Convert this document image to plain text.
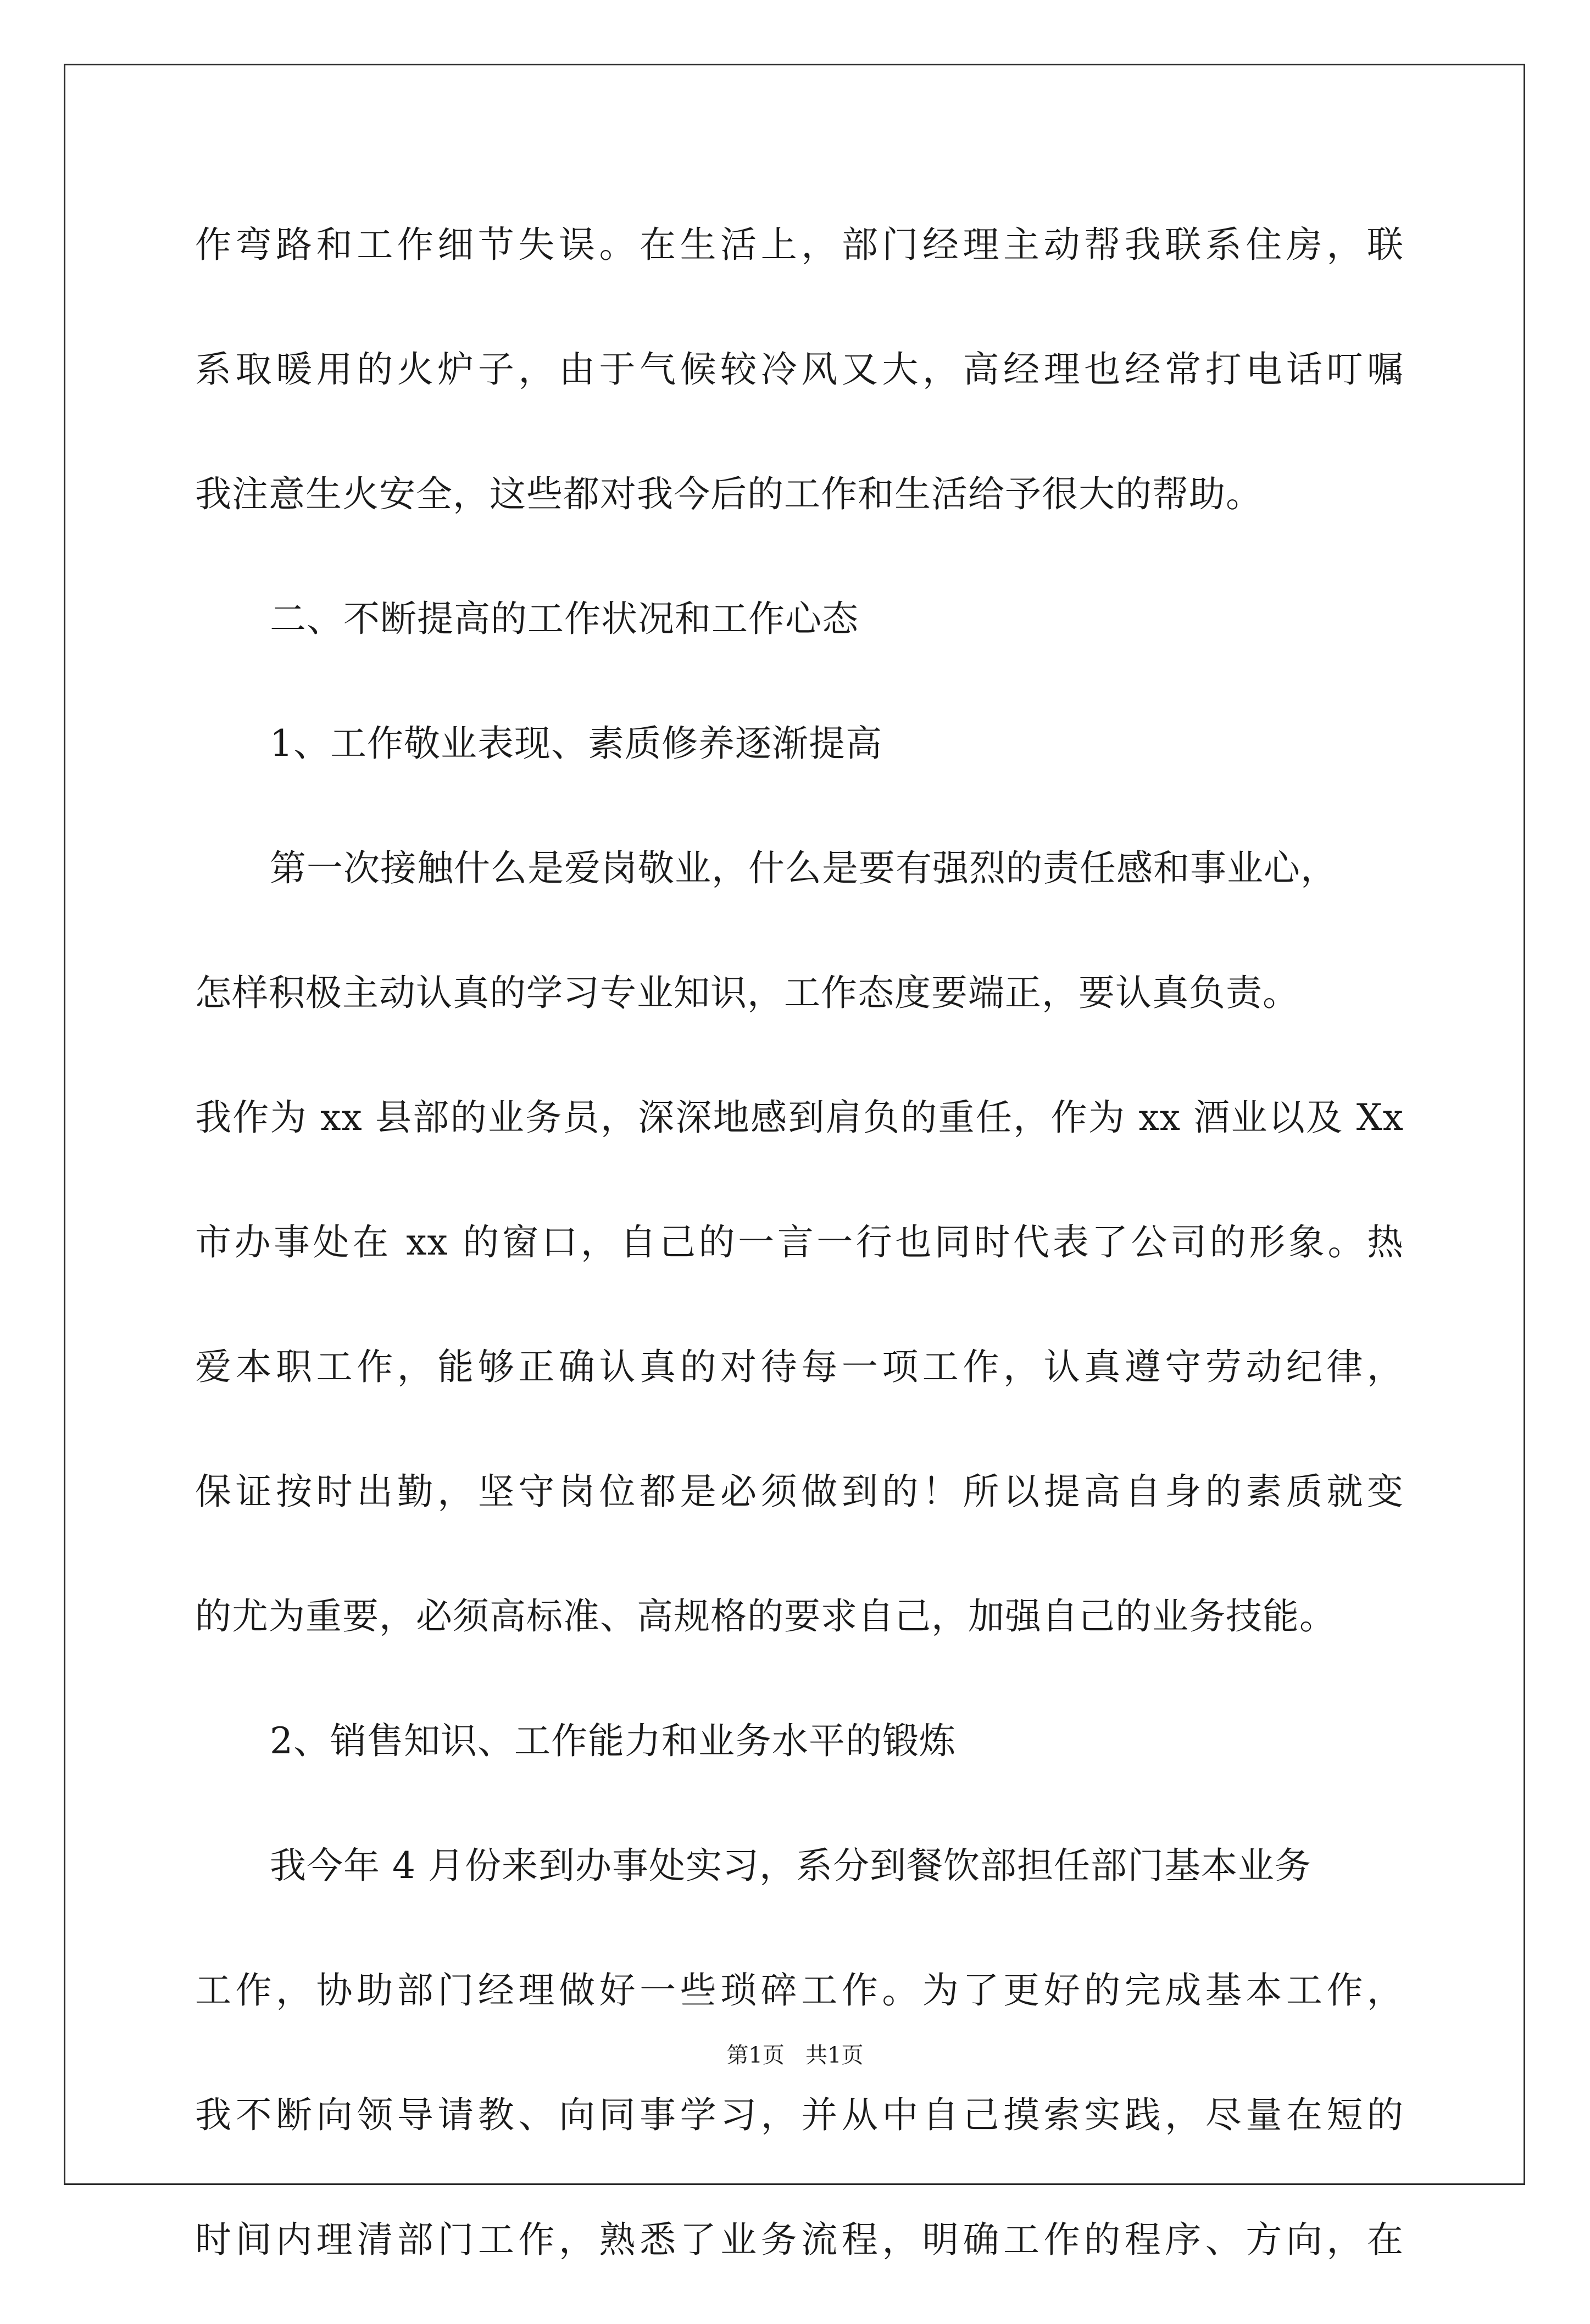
作弯路和工作细节失误。在生活上，部门经理主动帮我联系住房，联
系取暖用的火炉子，由于气候较冷风又大，高经理也经常打电话叮嘱
我注意生火安全，这些都对我今后的工作和生活给予很大的帮助。
二、不断提高的工作状况和工作心态
1、工作敬业表现、素质修养逐渐提高
第一次接触什么是爱岗敬业，什么是要有强烈的责任感和事业心，
怎样积极主动认真的学习专业知识，工作态度要端正，要认真负责。
我作为 xx 县部的业务员，深深地感到肩负的重任，作为 xx 酒业以及 Xx
市办事处在 xx 的窗口，自己的一言一行也同时代表了公司的形象。热
爱本职工作，能够正确认真的对待每一项工作，认真遵守劳动纪律，
保证按时出勤，坚守岗位都是必须做到的！所以提高自身的素质就变
的尤为重要，必须高标准、高规格的要求自己，加强自己的业务技能。
2、销售知识、工作能力和业务水平的锻炼
我今年 4 月份来到办事处实习，系分到餐饮部担任部门基本业务
工作，协助部门经理做好一些琐碎工作。为了更好的完成基本工作，
我不断向领导请教、向同事学习，并从中自己摸索实践，尽量在短的
时间内理清部门工作，熟悉了业务流程，明确工作的程序、方向，在
第1页   共1页
